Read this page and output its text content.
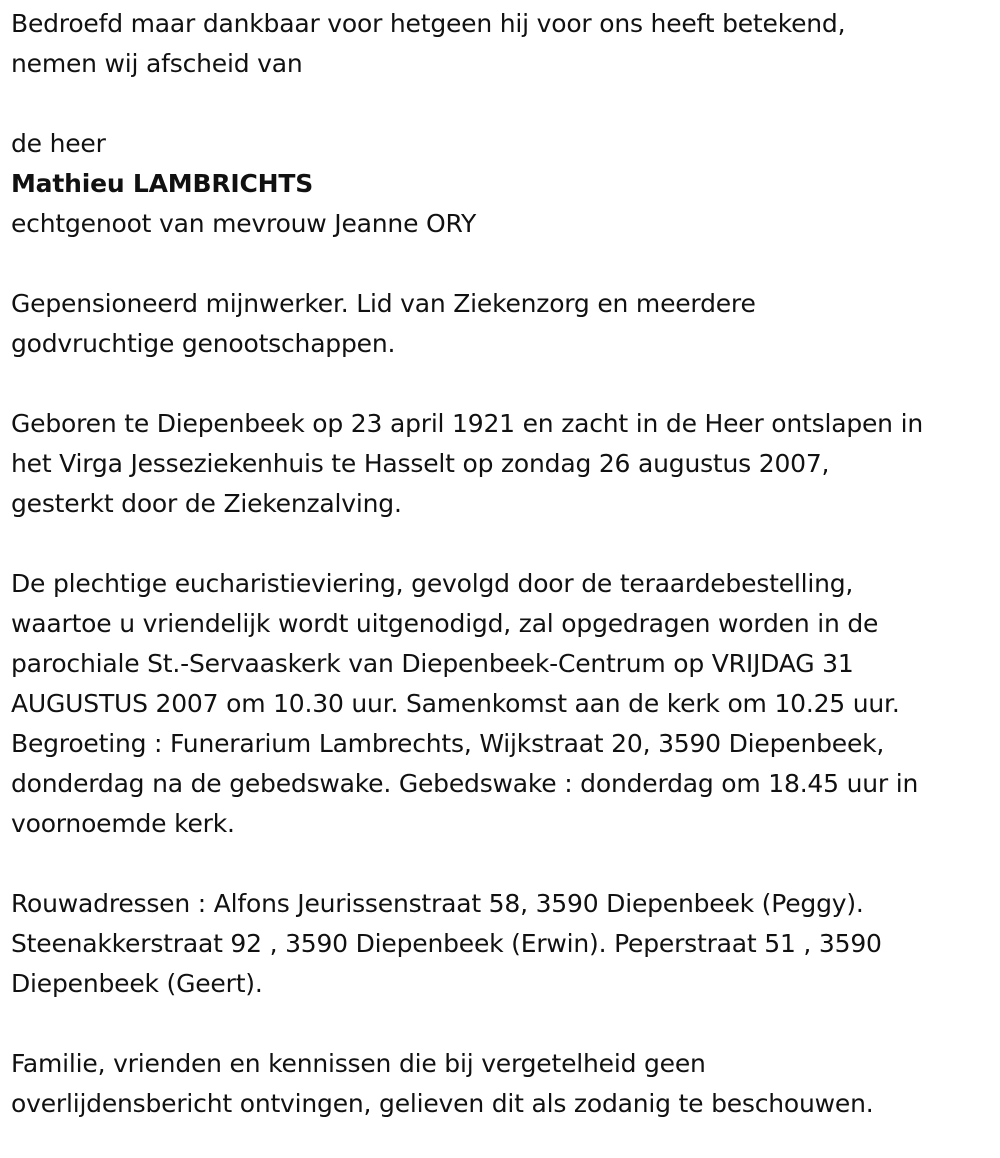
Bedroefd maar dankbaar voor hetgeen hij voor ons heeft betekend,

nemen wij afscheid van

de heer

Mathieu LAMBRICHTS

echtgenoot van mevrouw Jeanne ORY

Gepensioneerd mijnwerker. Lid van Ziekenzorg en meerdere

godvruchtige genootschappen.

Geboren te Diepenbeek op 23 april 1921 en zacht in de Heer ontslapen in

het Virga Jesseziekenhuis te Hasselt op zondag 26 augustus 2007,

gesterkt door de Ziekenzalving.

De plechtige eucharistieviering, gevolgd door de teraardebestelling,

waartoe u vriendelijk wordt uitgenodigd, zal opgedragen worden in de

parochiale St.-Servaaskerk van Diepenbeek-Centrum op VRIJDAG 31

AUGUSTUS 2007 om 10.30 uur. Samenkomst aan de kerk om 10.25 uur.

Begroeting : Funerarium Lambrechts, Wijkstraat 20, 3590 Diepenbeek,

donderdag na de gebedswake. Gebedswake : donderdag om 18.45 uur in

voornoemde kerk.

Rouwadressen : Alfons Jeurissenstraat 58, 3590 Diepenbeek (Peggy).

Steenakkerstraat 92 , 3590 Diepenbeek (Erwin). Peperstraat 51 , 3590

Diepenbeek (Geert).

Familie, vrienden en kennissen die bij vergetelheid geen

overlijdensbericht ontvingen, gelieven dit als zodanig te beschouwen.
